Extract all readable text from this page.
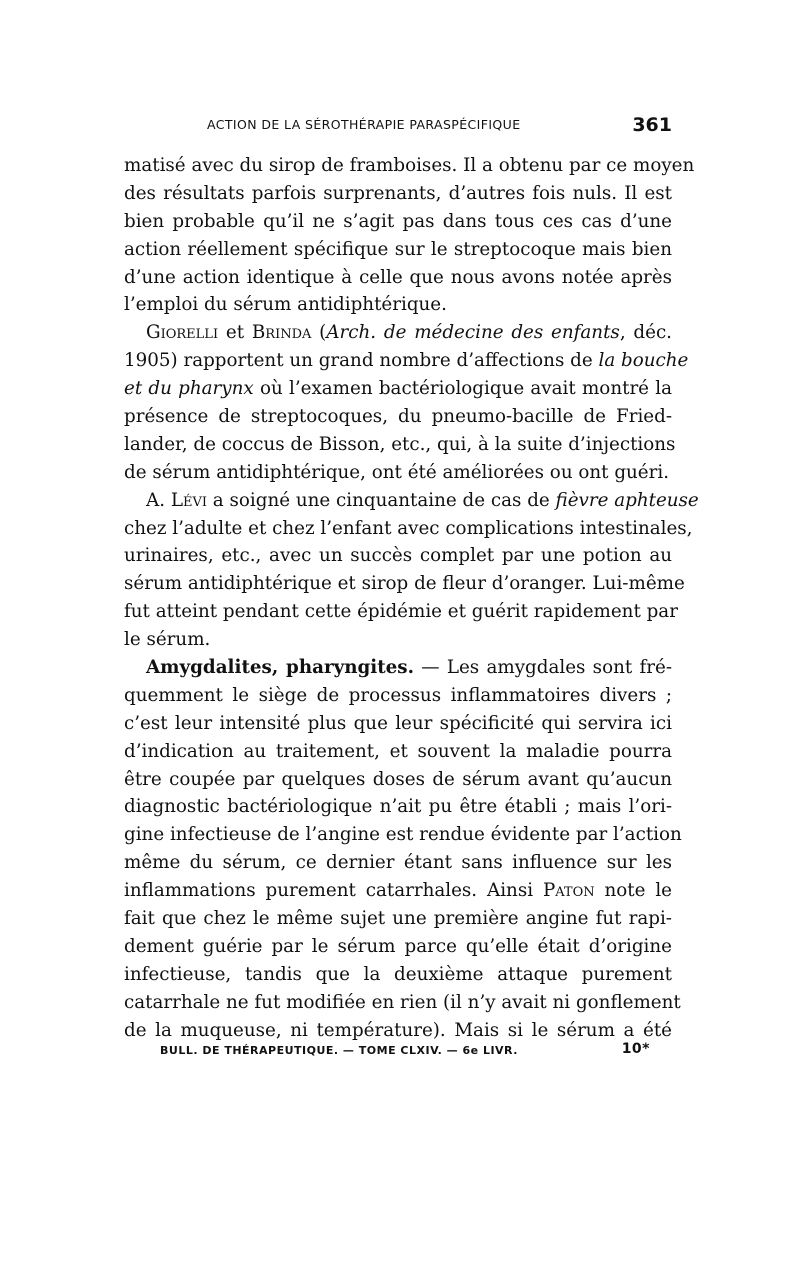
ACTION DE LA SÉROTHÉRAPIE PARASPÉCIFIQUE	361
matisé avec du sirop de framboises. Il a obtenu par ce moyen
des résultats parfois surprenants, d’autres fois nuls. Il est
bien probable qu’il ne s’agit pas dans tous ces cas d’une
action réellement spécifique sur le streptocoque mais bien
d’une action identique à celle que nous avons notée après
l’emploi du sérum antidiphtérique.
Giorelli et Brinda (Arch. de médecine des enfants, déc.
1905) rapportent un grand nombre d’affections de la bouche
et du pharynx où l’examen bactériologique avait montré la
présence de streptocoques, du pneumo-bacille de Fried-
lander, de coccus de Bisson, etc., qui, à la suite d’injections
de sérum antidiphtérique, ont été améliorées ou ont guéri.
A. Lévi a soigné une cinquantaine de cas de fièvre aphteuse
chez l’adulte et chez l’enfant avec complications intestinales,
urinaires, etc., avec un succès complet par une potion au
sérum antidiphtérique et sirop de fleur d’oranger. Lui-même
fut atteint pendant cette épidémie et guérit rapidement par
le sérum.
Amygdalites, pharyngites. — Les amygdales sont fré-
quemment le siège de processus inflammatoires divers ;
c’est leur intensité plus que leur spécificité qui servira ici
d’indication au traitement, et souvent la maladie pourra
être coupée par quelques doses de sérum avant qu’aucun
diagnostic bactériologique n’ait pu être établi ; mais l’ori-
gine infectieuse de l’angine est rendue évidente par l’action
même du sérum, ce dernier étant sans influence sur les
inflammations purement catarrhales. Ainsi Paton note le
fait que chez le même sujet une première angine fut rapi-
dement guérie par le sérum parce qu’elle était d’origine
infectieuse, tandis que la deuxième attaque purement
catarrhale ne fut modifiée en rien (il n’y avait ni gonflement
de la muqueuse, ni température). Mais si le sérum a été
BULL. DE THÉRAPEUTIQUE. — TOME CLXIV. — 6e LIVR.	10*
